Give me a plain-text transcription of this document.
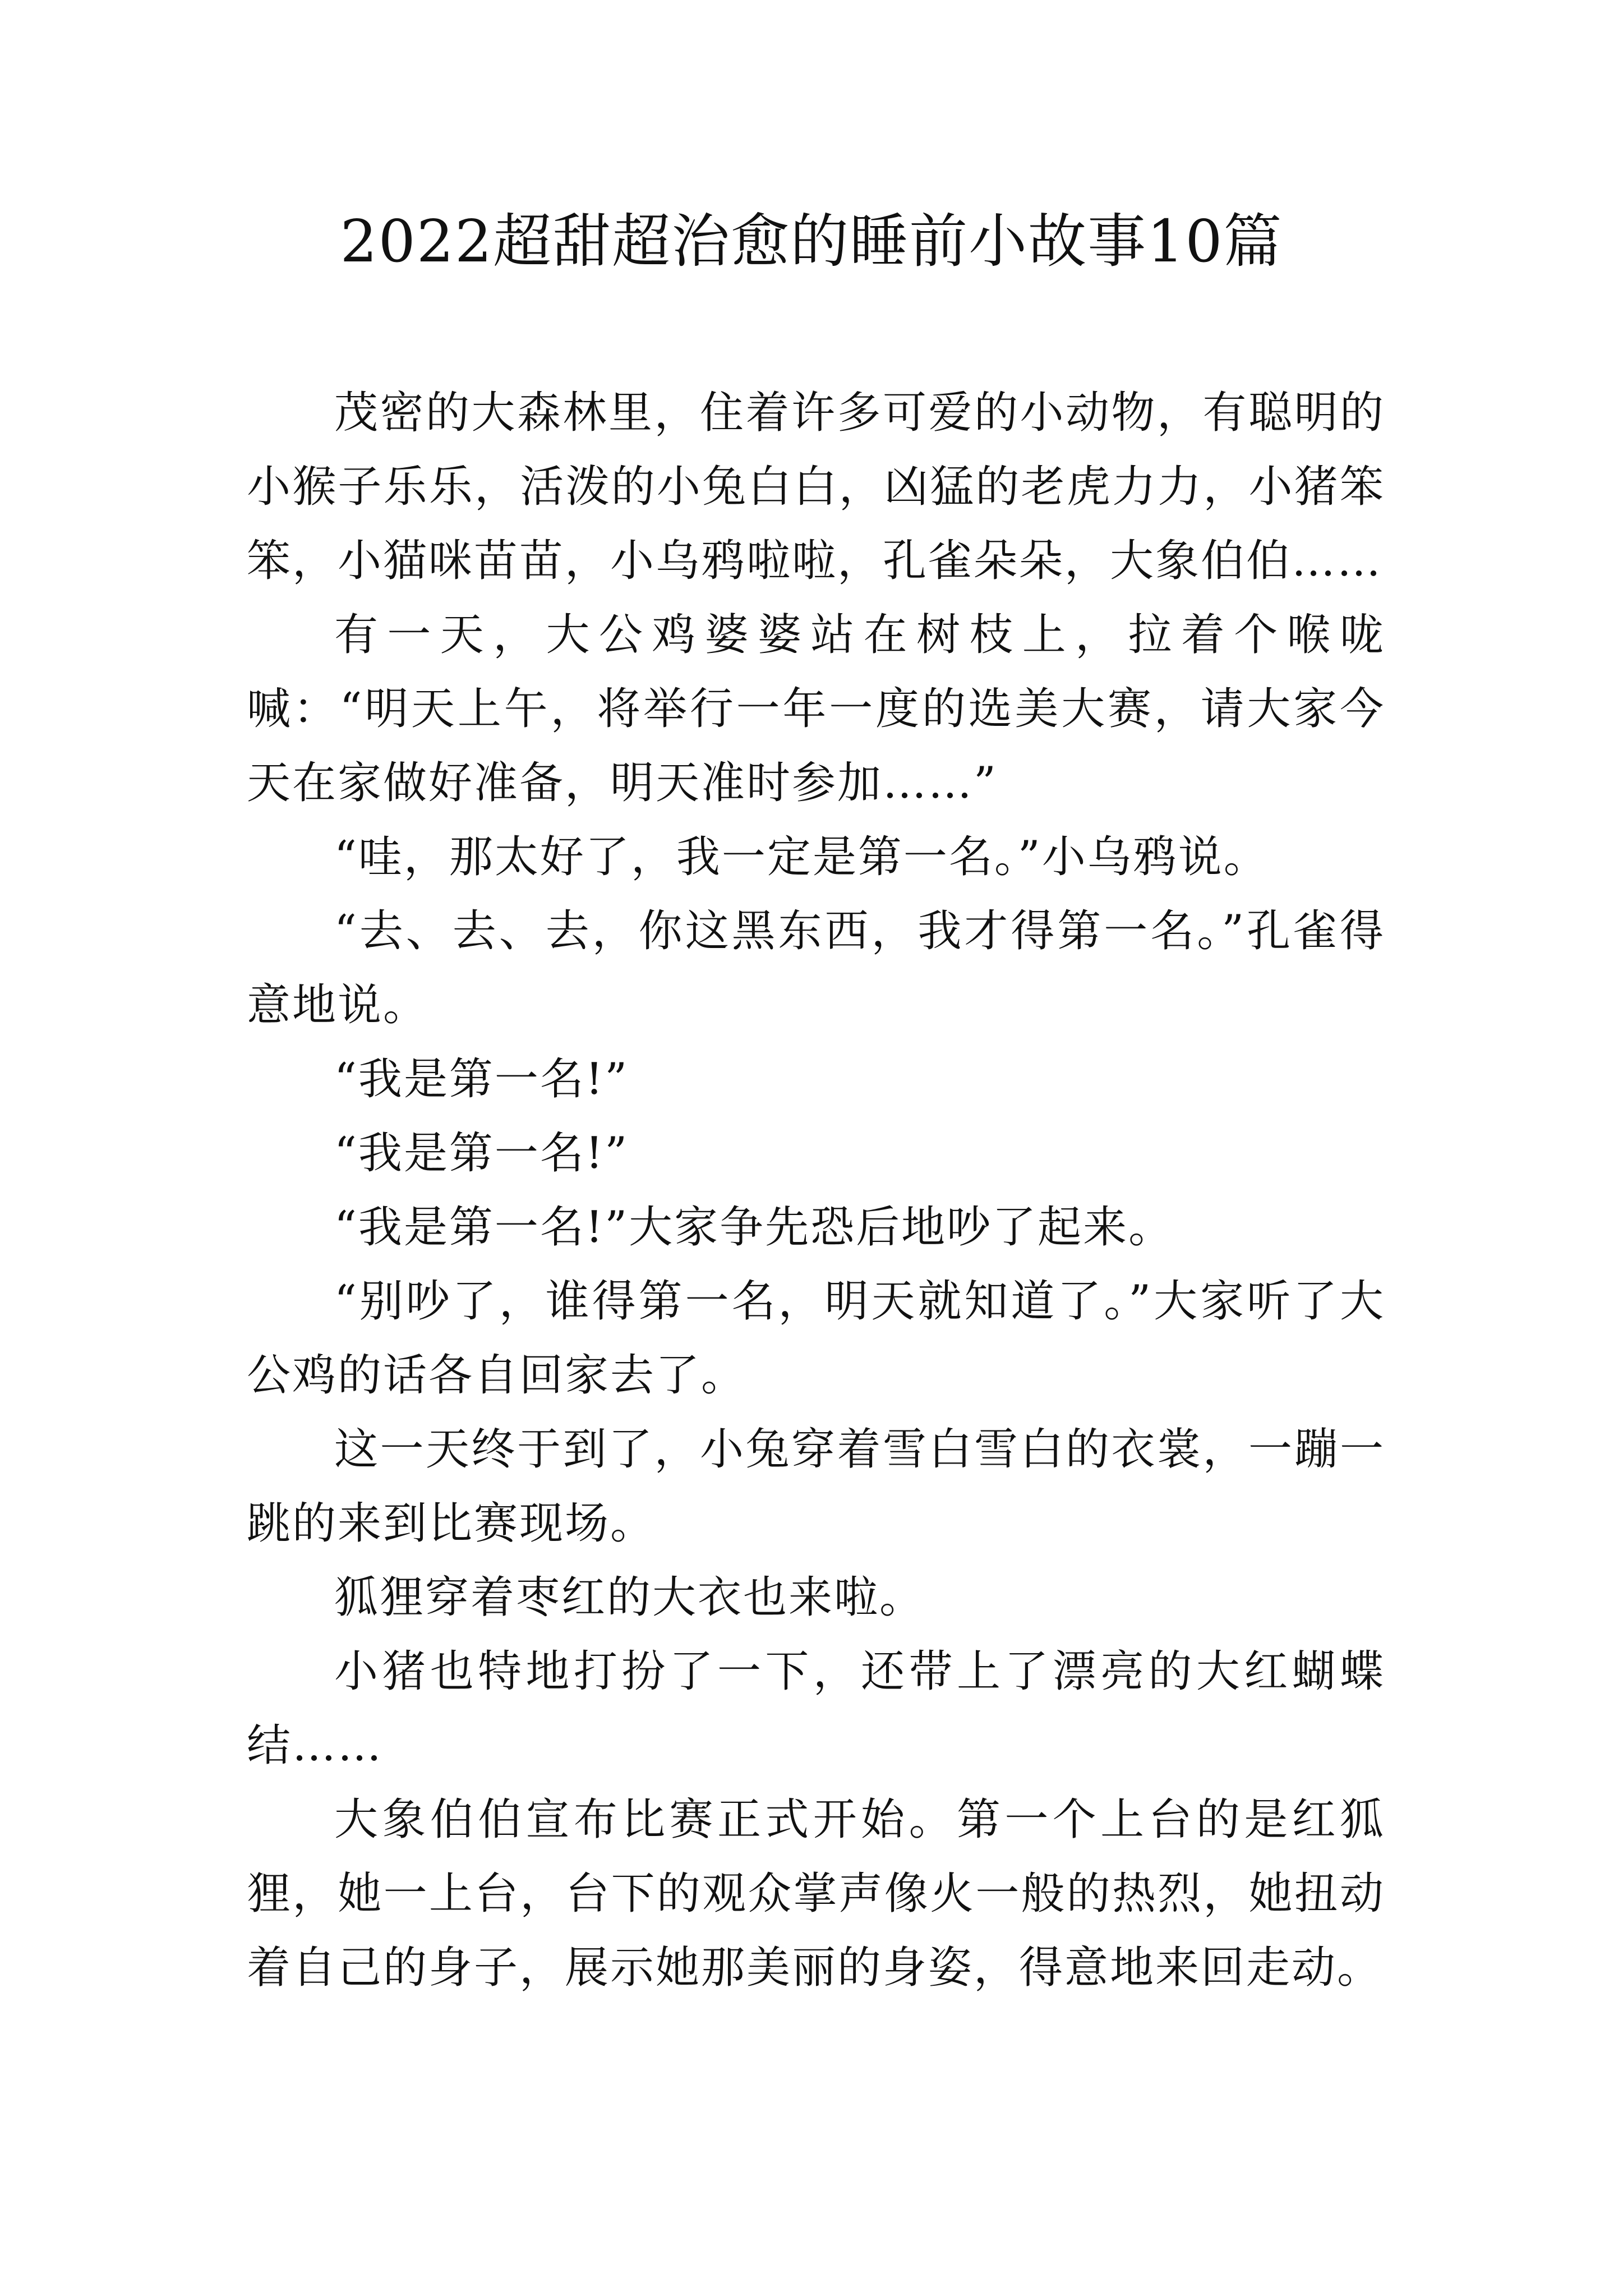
2022超甜超治愈的睡前小故事10篇

茂密的大森林里，住着许多可爱的小动物，有聪明的小猴子乐乐，活泼的小兔白白，凶猛的老虎力力，小猪笨笨，小猫咪苗苗，小乌鸦啦啦，孔雀朵朵，大象伯伯……

有一天，大公鸡婆婆站在树枝上，拉着个喉咙喊：“明天上午，将举行一年一度的选美大赛，请大家今天在家做好准备，明天准时参加……”

“哇，那太好了，我一定是第一名。”小乌鸦说。

“去、去、去，你这黑东西，我才得第一名。”孔雀得意地说。

“我是第一名!”

“我是第一名!”

“我是第一名!”大家争先恐后地吵了起来。

“别吵了，谁得第一名，明天就知道了。”大家听了大公鸡的话各自回家去了。

这一天终于到了，小兔穿着雪白雪白的衣裳，一蹦一跳的来到比赛现场。

狐狸穿着枣红的大衣也来啦。

小猪也特地打扮了一下，还带上了漂亮的大红蝴蝶结……

大象伯伯宣布比赛正式开始。第一个上台的是红狐狸，她一上台，台下的观众掌声像火一般的热烈，她扭动着自己的身子，展示她那美丽的身姿，得意地来回走动。
